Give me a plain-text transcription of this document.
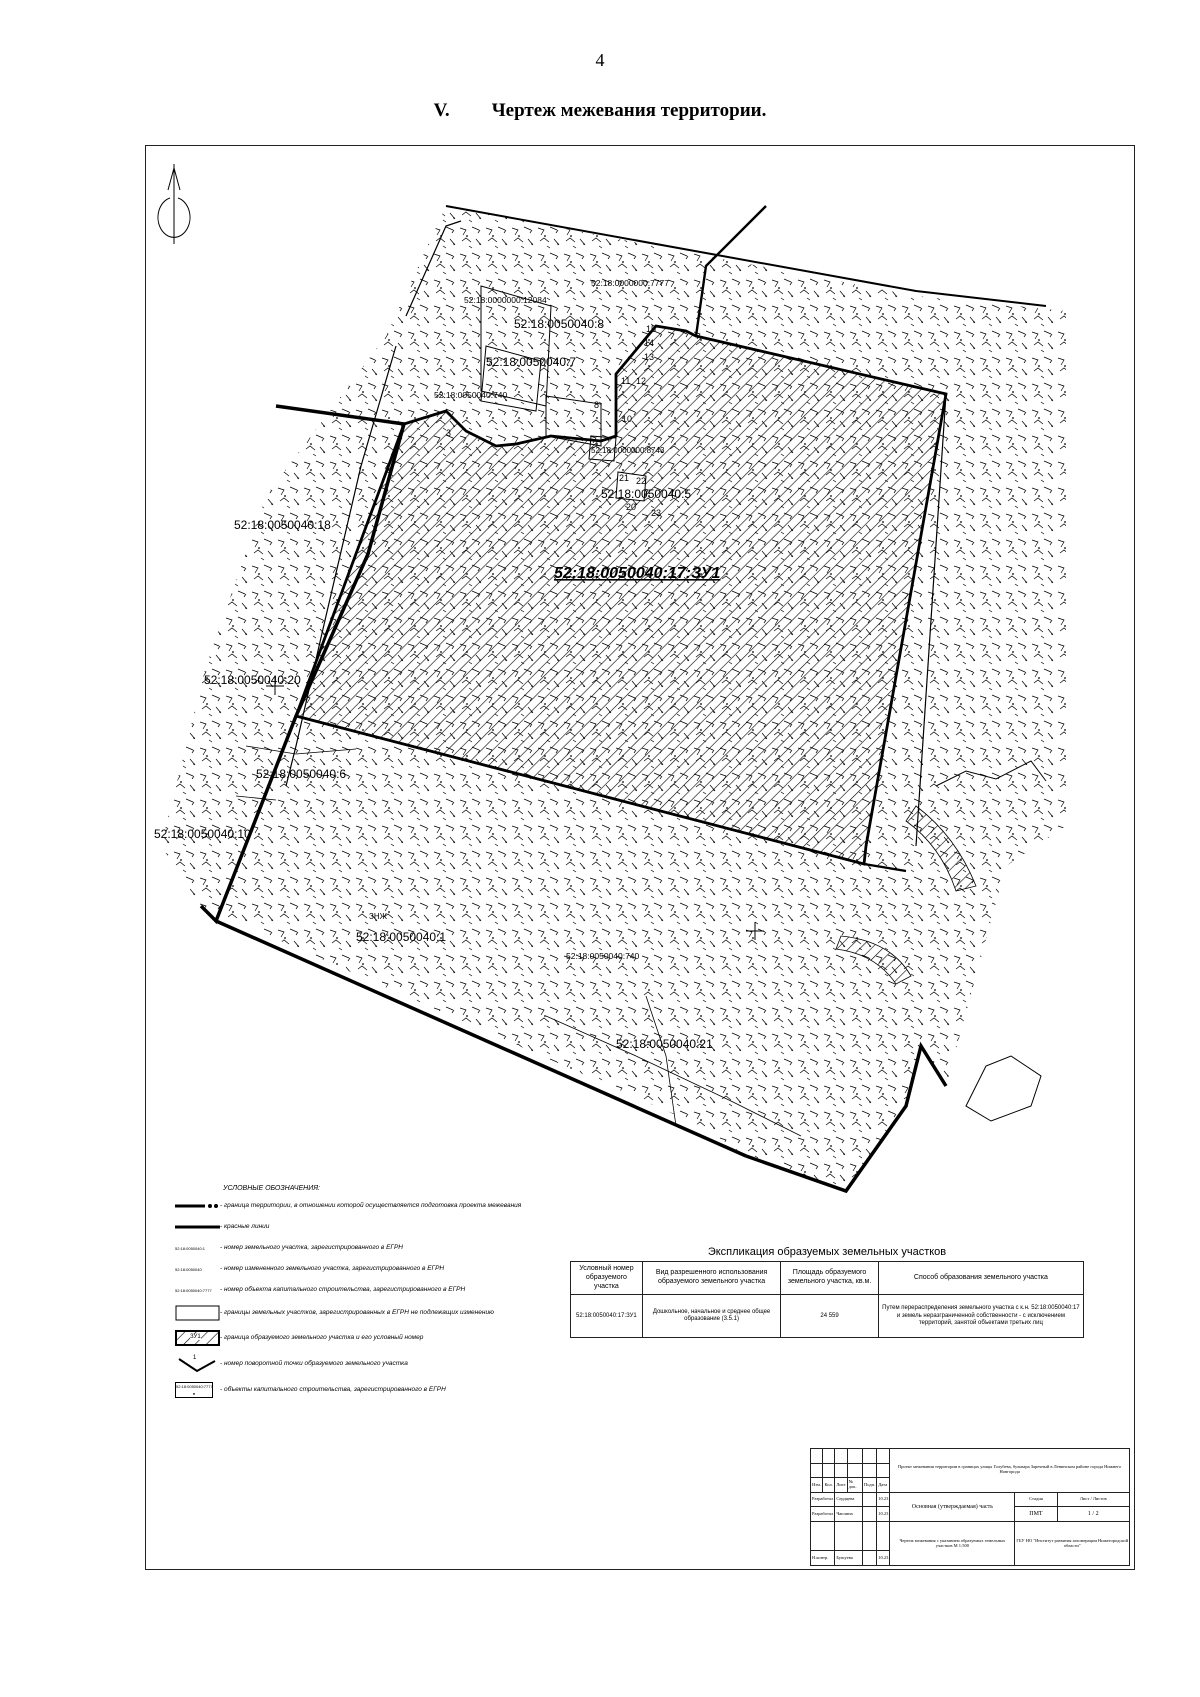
4
V. Чертеж межевания территории.
52:18:0000000:7777
52:18:0000000:12084
52:18:0050040:8
52:18:0050040:7
52:18:0050040:740
52:18:0000000:8743
52:18:0050040:5
52:18:0050040:18
52:18:0050040:20
52:18:0050040:6
52:18:0050040:10
52:18:0050040:1
52:18:0050040:740
52:18:0050040:21
52:18:0050040:17:ЗУ1
ЗНЖ
3
8
10
11 12
13
14
15
21 22
23
20
УСЛОВНЫЕ ОБОЗНАЧЕНИЯ:
- граница территории, в отношении которой осуществляется подготовка проекта межевания
- красные линии
52:18:0050040:1	- номер земельного участка, зарегистрированного в ЕГРН
52:18:0050040	- номер измененного земельного участка, зарегистрированного в ЕГРН
52:18:0050040:7777	- номер объекта капитального строительства, зарегистрированного в ЕГРН
- границы земельных участков, зарегистрированных в ЕГРН не подлежащих изменению
ЗУ1	- граница образуемого земельного участка и его условный номер
1
- номер поворотной точки образуемого земельного участка
52:18:0050040:7777
●
- объекты капитального строительства, зарегистрированного в ЕГРН
Экспликация образуемых земельных участков
Условный номер образуемого участка	Вид разрешенного использования образуемого земельного участка	Площадь образуемого земельного участка, кв.м.	Способ образования земельного участка
52:18:0050040:17:ЗУ1	Дошкольное, начальное и среднее общее образование (3.5.1)	24 559	Путем перераспределения земельного участка с к.н. 52:18:0050040:17 и земель неразграниченной собственности - с исключением территорий, занятой объектами третьих лиц
						Проект межевания территории в границах улицы Голубева, бульвара Заречный в Ленинском районе города Нижнего Новгорода		

Изм.	Кол.	Лист	№ док.	Подп.	Дата			
Разработал		Сердцева			10.23	Основная (утверждаемая) часть	Стадия	Лист / Листов
Разработал		Чаплина			10.23		ПМТ	1 / 2
						Чертеж межевания с указанием образуемых земельных участков М 1:500	ГБУ НО "Институт развития агломерации Нижегородской области"	
Н.контр.		Бушуева			10.23			
